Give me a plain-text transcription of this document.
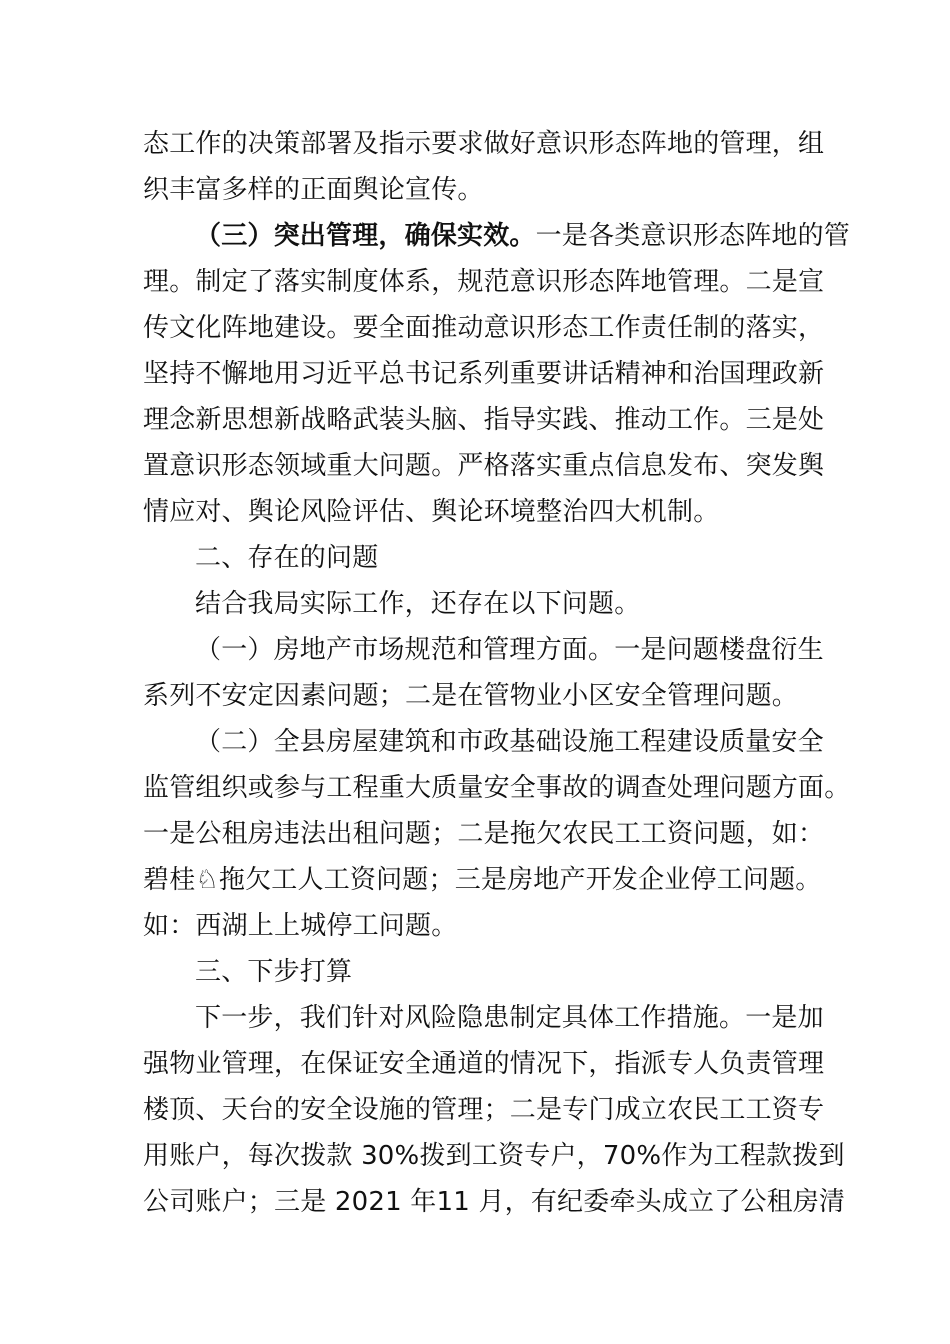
态工作的决策部署及指示要求做好意识形态阵地的管理，组
织丰富多样的正面舆论宣传。
（三）突出管理，确保实效。一是各类意识形态阵地的管
理。制定了落实制度体系，规范意识形态阵地管理。二是宣
传文化阵地建设。要全面推动意识形态工作责任制的落实，
坚持不懈地用习近平总书记系列重要讲话精神和治国理政新
理念新思想新战略武装头脑、指导实践、推动工作。三是处
置意识形态领域重大问题。严格落实重点信息发布、突发舆
情应对、舆论风险评估、舆论环境整治四大机制。
二、存在的问题
结合我局实际工作，还存在以下问题。
（一）房地产市场规范和管理方面。一是问题楼盘衍生
系列不安定因素问题；二是在管物业小区安全管理问题。
（二）全县房屋建筑和市政基础设施工程建设质量安全
监管组织或参与工程重大质量安全事故的调查处理问题方面。
一是公租房违法出租问题；二是拖欠农民工工资问题，如：
碧桂♘拖欠工人工资问题；三是房地产开发企业停工问题。
如：西湖上上城停工问题。
三、下步打算
下一步，我们针对风险隐患制定具体工作措施。一是加
强物业管理，在保证安全通道的情况下，指派专人负责管理
楼顶、天台的安全设施的管理；二是专门成立农民工工资专
用账户，每次拨款 30%拨到工资专户，70%作为工程款拨到
公司账户；三是 2021 年11 月，有纪委牵头成立了公租房清
